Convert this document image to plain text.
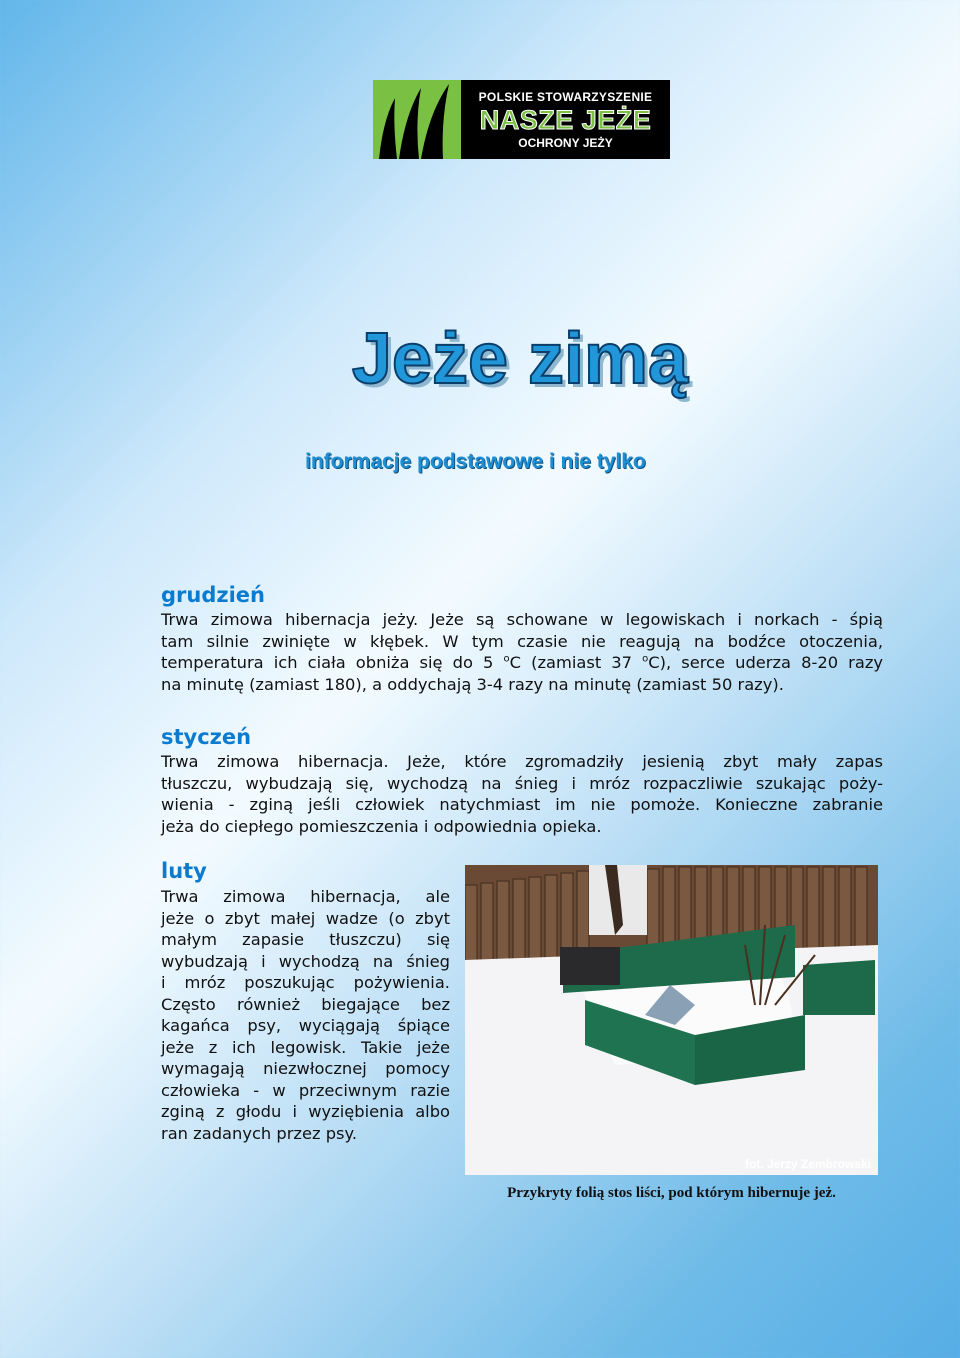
POLSKIE STOWARZYSZENIE
NASZE JEŻE
OCHRONY JEŻY
Jeże zimą
informacje podstawowe i nie tylko
grudzień
Trwa zimowa hibernacja jeży. Jeże są schowane w legowiskach i norkach - śpią
tam silnie zwinięte w kłębek. W tym czasie nie reagują na bodźce otoczenia,
temperatura ich ciała obniża się do 5 $^o$C (zamiast 37 $^o$C), serce uderza 8-20 razy
na minutę (zamiast 180), a oddychają 3-4 razy na minutę (zamiast 50 razy).
styczeń
Trwa zimowa hibernacja. Jeże, które zgromadziły jesienią zbyt mały zapas
tłuszczu, wybudzają się, wychodzą na śnieg i mróz rozpaczliwie szukając poży-
wienia - zginą jeśli człowiek natychmiast im nie pomoże. Konieczne zabranie
jeża do ciepłego pomieszczenia i odpowiednia opieka.
luty
Trwa zimowa hibernacja, ale
jeże o zbyt małej wadze (o zbyt
małym zapasie tłuszczu) się
wybudzają i wychodzą na śnieg
i mróz poszukując pożywienia.
Często również biegające bez
kagańca psy, wyciągają śpiące
jeże z ich legowisk. Takie jeże
wymagają niezwłocznej pomocy
człowieka - w przeciwnym razie
zginą z głodu i wyziębienia albo
ran zadanych przez psy.
fot. Jerzy Zembrowski
Przykryty folią stos liści, pod którym hibernuje jeż.
